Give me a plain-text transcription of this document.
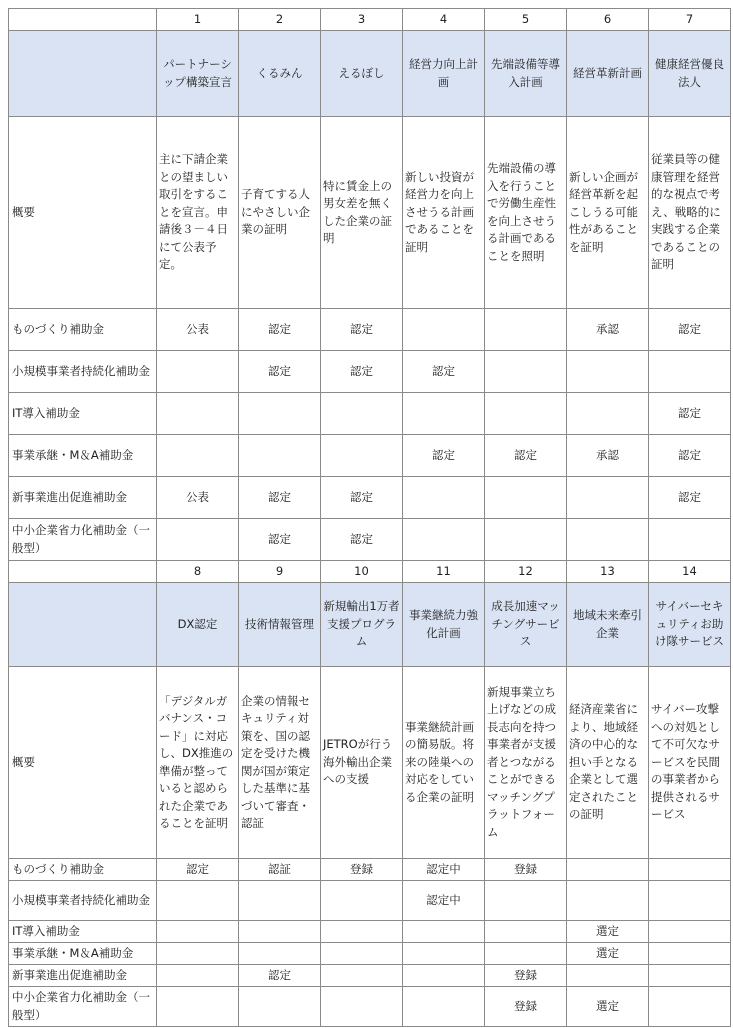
	1	2	3	4	5	6	7
	パートナーシップ構築宣言	くるみん	えるぼし	経営力向上計画	先端設備等導入計画	経営革新計画	健康経営優良法人
概要	主に下請企業との望ましい取引をすることを宣言。申請後３－４日にて公表予定。	子育てする人にやさしい企業の証明	特に賃金上の男女差を無くした企業の証明	新しい投資が経営力を向上させうる計画であることを証明	先端設備の導入を行うことで労働生産性を向上させうる計画であることを照明	新しい企画が経営革新を起こしうる可能性があることを証明	従業員等の健康管理を経営的な視点で考え、戦略的に実践する企業であることの証明
ものづくり補助金	公表	認定	認定			承認	認定
小規模事業者持続化補助金		認定	認定	認定			
IT導入補助金							認定
事業承継・M＆A補助金				認定	認定	承認	認定
新事業進出促進補助金	公表	認定	認定				認定
中小企業省力化補助金（一般型）		認定	認定				
	8	9	10	11	12	13	14
	DX認定	技術情報管理	新規輸出1万者支援プログラム	事業継続力強化計画	成長加速マッチングサービス	地域未来牽引企業	サイバーセキュリティお助け隊サービス
概要	「デジタルガバナンス・コード」に対応し、DX推進の準備が整っていると認められた企業であることを証明	企業の情報セキュリティ対策を、国の認定を受けた機関が国が策定した基準に基づいて審査・認証	JETROが行う海外輸出企業への支援	事業継続計画の簡易版。将来の陸巣への対応をしている企業の証明	新規事業立ち上げなどの成長志向を持つ事業者が支援者とつながることができるマッチングプラットフォーム	経済産業省により、地域経済の中心的な担い手となる企業として選定されたことの証明	サイバー攻撃への対処として不可欠なサービスを民間の事業者から提供されるサービス
ものづくり補助金	認定	認証	登録	認定中	登録		
小規模事業者持続化補助金				認定中			
IT導入補助金						選定	
事業承継・M＆A補助金						選定	
新事業進出促進補助金		認定			登録		
中小企業省力化補助金（一般型）					登録	選定	
